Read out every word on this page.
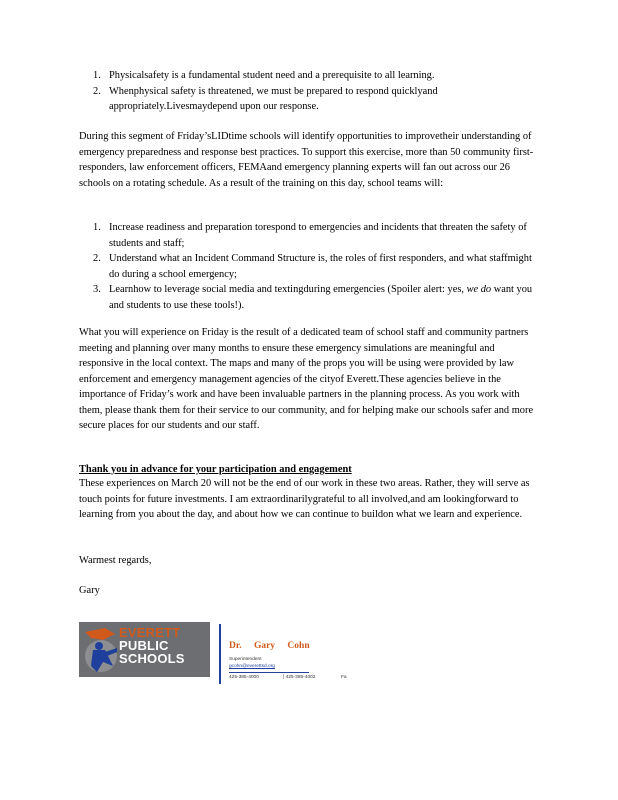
1. Physicalsafety is a fundamental student need and a prerequisite to all learning.
2. Whenphysical safety is threatened, we must be prepared to respond quicklyand appropriately.Livesmaydepend upon our response.

During this segment of Friday’sLIDtime schools will identify opportunities to improvetheir understanding of emergency preparedness and response best practices. To support this exercise, more than 50 community first-responders, law enforcement officers, FEMAand emergency planning experts will fan out across our 26 schools on a rotating schedule. As a result of the training on this day, school teams will:

1. Increase readiness and preparation torespond to emergencies and incidents that threaten the safety of students and staff;
2. Understand what an Incident Command Structure is, the roles of first responders, and what staffmight do during a school emergency;
3. Learnhow to leverage social media and textingduring emergencies (Spoiler alert: yes, we do want you and students to use these tools!).

What you will experience on Friday is the result of a dedicated team of school staff and community partners meeting and planning over many months to ensure these emergency simulations are meaningful and responsive in the local context. The maps and many of the props you will be using were provided by law enforcement and emergency management agencies of the cityof Everett.These agencies believe in the importance of Friday’s work and have been invaluable partners in the planning process. As you work with them, please thank them for their service to our community, and for helping make our schools safer and more secure places for our students and our staff.

Thank you in advance for your participation and engagement

These experiences on March 20 will not be the end of our work in these two areas. Rather, they will serve as touch points for future investments. I am extraordinarilygrateful to all involved,and am lookingforward to learning from you about the day, and about how we can continue to buildon what we learn and experience.

Warmest regards,

Gary

EVERETT
PUBLIC
SCHOOLS
Dr. Gary Cohn
Superintendent
gcohn@everettsd.org
425-385-4000	| 425-385-4002	Fa
